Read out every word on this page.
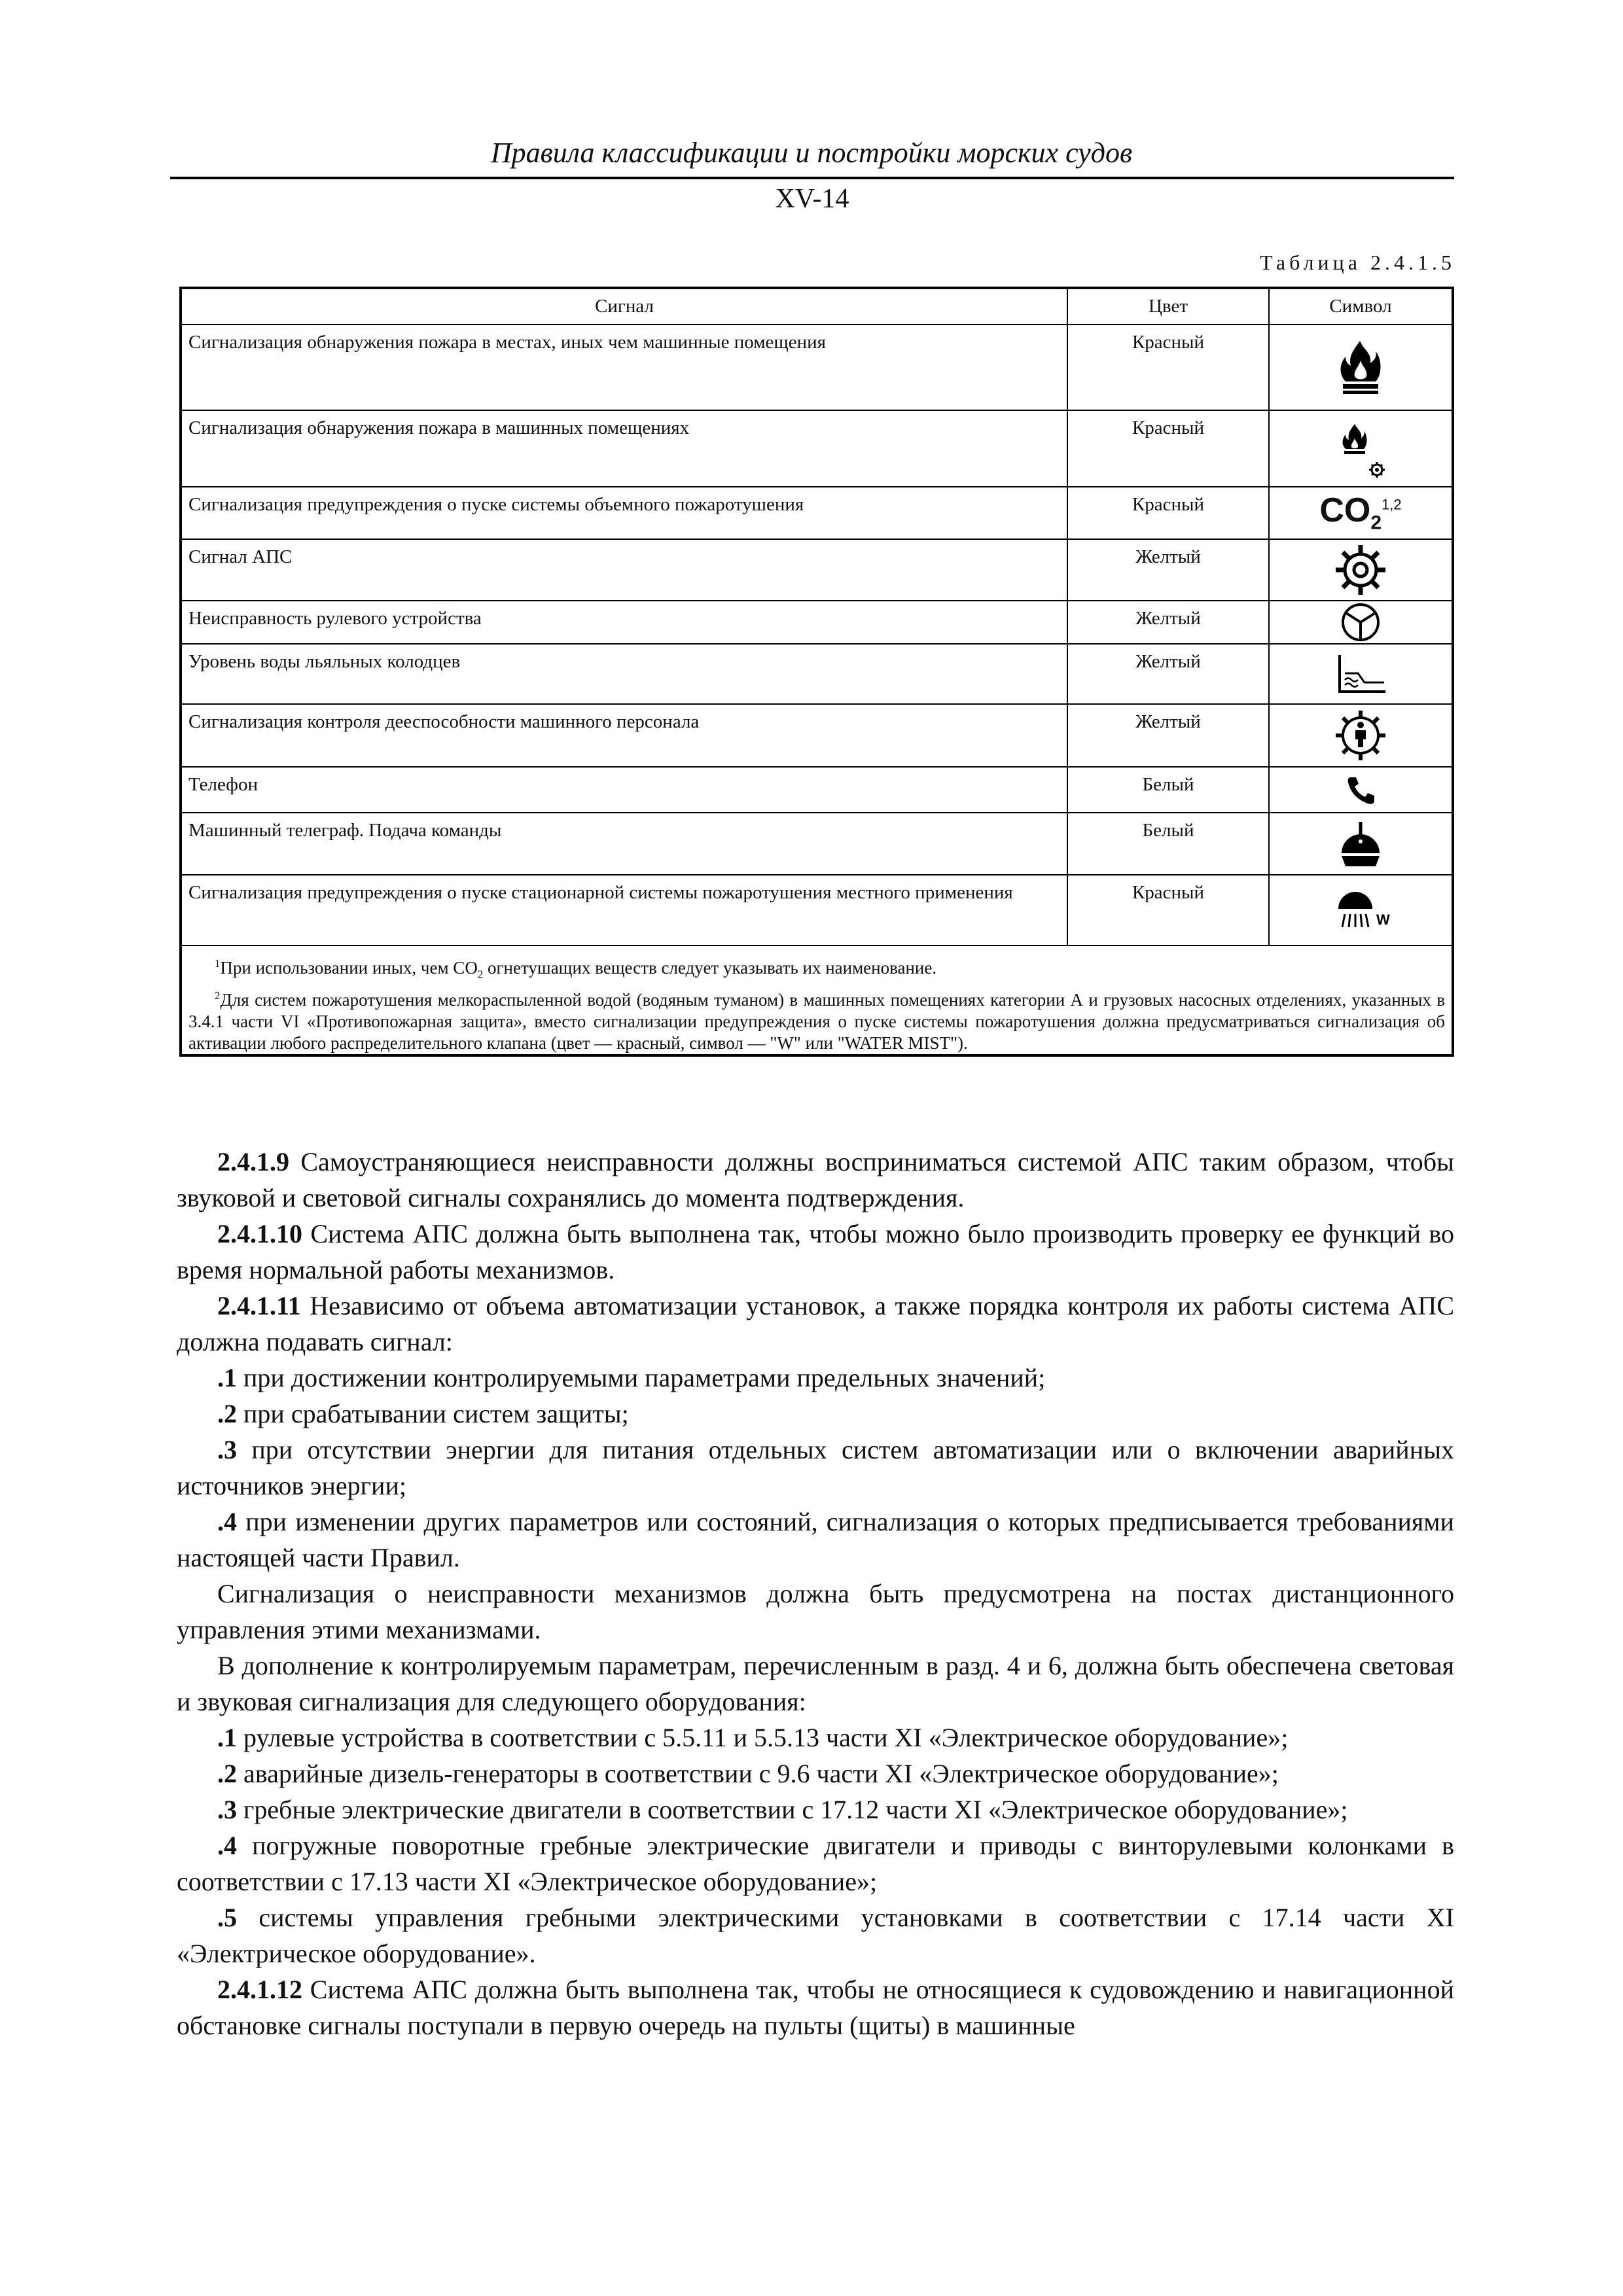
Правила классификации и постройки морских судов
XV-14
Таблица 2.4.1.5
Сигнал	Цвет	Символ
Сигнализация обнаружения пожара в местах, иных чем машинные помещения	Красный	

Сигнализация обнаружения пожара в машинных помещениях	Красный	

Сигнализация предупреждения о пуске системы объемного пожаротушения	Красный	$CO_2^{1,2}$

Сигнал АПС	Желтый	

Неисправность рулевого устройства	Желтый	

Уровень воды льяльных колодцев	Желтый	

Сигнализация контроля дееспособности машинного персонала	Желтый	

Телефон	Белый	

Машинный телеграф. Подача команды	Белый	

Сигнализация предупреждения о пуске стационарной системы пожаротушения местного применения	Красный	W

$^1$При использовании иных, чем $CO_2$ огнетушащих веществ следует указывать их наименование.

$^2$Для систем пожаротушения мелкораспыленной водой (водяным туманом) в машинных помещениях категории А и грузовых насосных отделениях, указанных в 3.4.1 части VI «Противопожарная защита», вместо сигнализации предупреждения о пуске системы пожаротушения должна предусматриваться сигнализация об активации любого распределительного клапана (цвет — красный, символ — "W" или "WATER MIST").		

2.4.1.9 Самоустраняющиеся неисправности должны восприниматься системой АПС таким образом, чтобы звуковой и световой сигналы сохранялись до момента подтверждения.

2.4.1.10 Система АПС должна быть выполнена так, чтобы можно было производить проверку ее функций во время нормальной работы механизмов.

2.4.1.11 Независимо от объема автоматизации установок, а также порядка контроля их работы система АПС должна подавать сигнал:

.1 при достижении контролируемыми параметрами предельных значений;

.2 при срабатывании систем защиты;

.3 при отсутствии энергии для питания отдельных систем автоматизации или о включении аварийных источников энергии;

.4 при изменении других параметров или состояний, сигнализация о которых предписывается требованиями настоящей части Правил.

Сигнализация о неисправности механизмов должна быть предусмотрена на постах дистанционного управления этими механизмами.

В дополнение к контролируемым параметрам, перечисленным в разд. 4 и 6, должна быть обеспечена световая и звуковая сигнализация для следующего оборудования:

.1 рулевые устройства в соответствии с 5.5.11 и 5.5.13 части XI «Электрическое оборудование»;

.2 аварийные дизель-генераторы в соответствии с 9.6 части XI «Электрическое оборудование»;

.3 гребные электрические двигатели в соответствии с 17.12 части XI «Электрическое оборудование»;

.4 погружные поворотные гребные электрические двигатели и приводы с винторулевыми колонками в соответствии с 17.13 части XI «Электрическое оборудование»;

.5 системы управления гребными электрическими установками в соответствии с 17.14 части XI «Электрическое оборудование».

2.4.1.12 Система АПС должна быть выполнена так, чтобы не относящиеся к судовождению и навигационной обстановке сигналы поступали в первую очередь на пульты (щиты) в машинные
